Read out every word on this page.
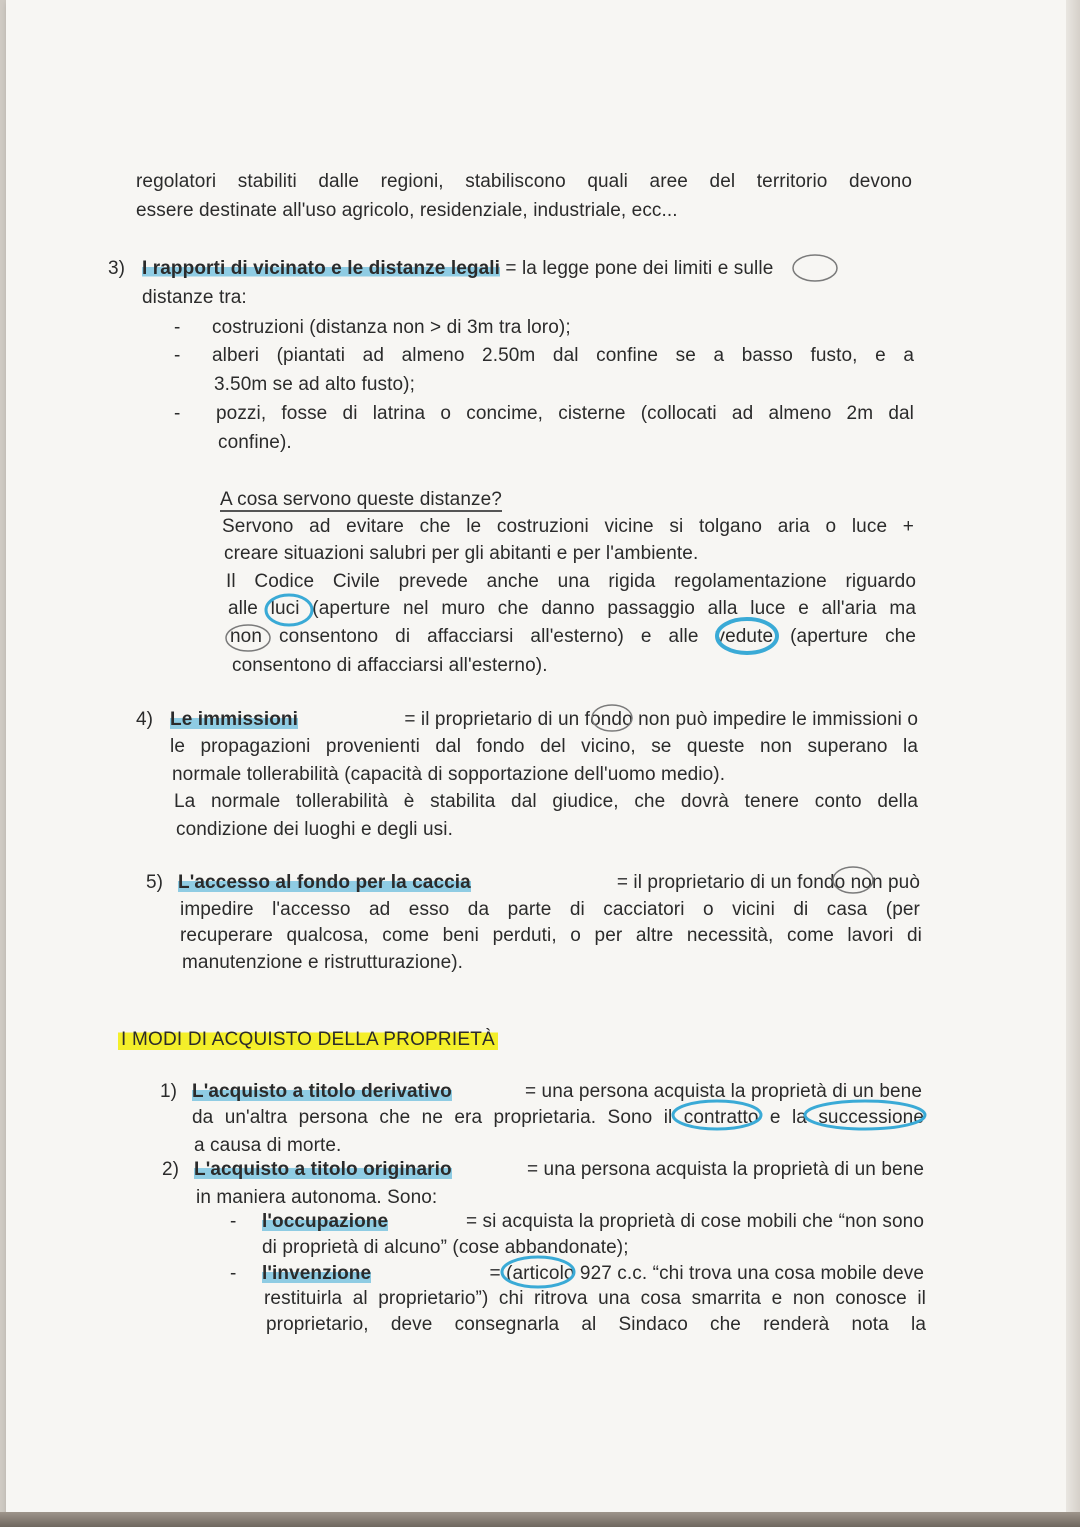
regolatori stabiliti dalle regioni, stabiliscono quali aree del territorio devono
essere destinate all'uso agricolo, residenziale, industriale, ecc...
3) I rapporti di vicinato e le distanze legali = la legge pone dei limiti e sulle
distanze tra:
- costruzioni (distanza non > di 3m tra loro);
- alberi (piantati ad almeno 2.50m dal confine se a basso fusto, e a
3.50m se ad alto fusto);
- pozzi, fosse di latrina o concime, cisterne (collocati ad almeno 2m dal
confine).
A cosa servono queste distanze?
Servono ad evitare che le costruzioni vicine si tolgano aria o luce +
creare situazioni salubri per gli abitanti e per l'ambiente.
Il Codice Civile prevede anche una rigida regolamentazione riguardo
alle luci (aperture nel muro che danno passaggio alla luce e all'aria ma
non consentono di affacciarsi all'esterno) e alle vedute (aperture che
consentono di affacciarsi all'esterno).
4) Le immissioni	= il proprietario di un fondo non può impedire le immissioni o
le propagazioni provenienti dal fondo del vicino, se queste non superano la
normale tollerabilità (capacità di sopportazione dell'uomo medio).
La normale tollerabilità è stabilita dal giudice, che dovrà tenere conto della
condizione dei luoghi e degli usi.
5) L'accesso al fondo per la caccia	= il proprietario di un fondo non può
impedire l'accesso ad esso da parte di cacciatori o vicini di casa (per
recuperare qualcosa, come beni perduti, o per altre necessità, come lavori di
manutenzione e ristrutturazione).
I MODI DI ACQUISTO DELLA PROPRIETÀ
1) L'acquisto a titolo derivativo	= una persona acquista la proprietà di un bene
da un'altra persona che ne era proprietaria. Sono il contratto e la successione
a causa di morte.
2) L'acquisto a titolo originario	= una persona acquista la proprietà di un bene
in maniera autonoma. Sono:
- l'occupazione	= si acquista la proprietà di cose mobili che “non sono
di proprietà di alcuno” (cose abbandonate);
- l'invenzione	= (articolo 927 c.c. “chi trova una cosa mobile deve
restituirla al proprietario”) chi ritrova una cosa smarrita e non conosce il
proprietario, deve consegnarla al Sindaco che renderà nota la
